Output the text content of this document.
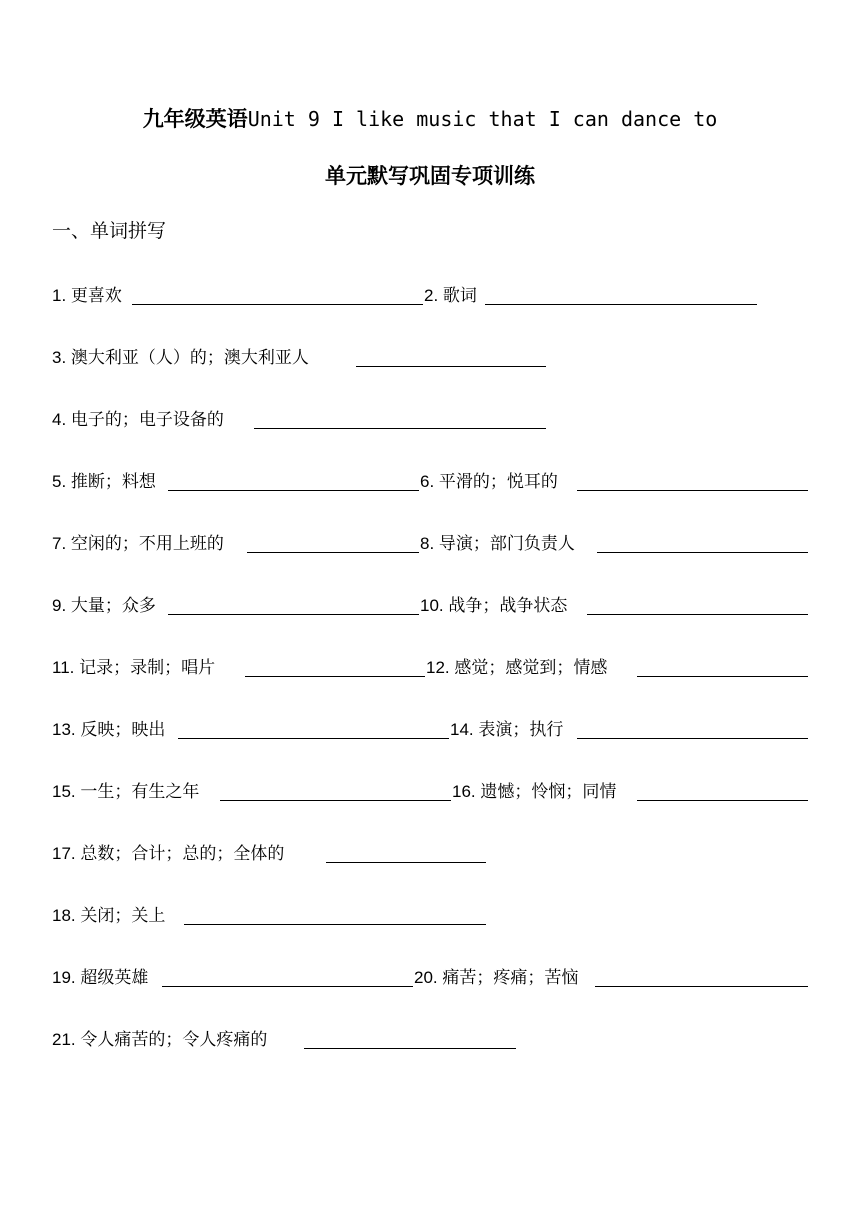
九年级英语Unit 9 I like music that I can dance to
单元默写巩固专项训练
一、单词拼写
1. 更喜欢	2. 歌词
3. 澳大利亚（人）的；澳大利亚人
4. 电子的；电子设备的
5. 推断；料想	6. 平滑的；悦耳的
7. 空闲的；不用上班的	8. 导演；部门负责人
9. 大量；众多	10. 战争；战争状态
11. 记录；录制；唱片	12. 感觉；感觉到；情感
13. 反映；映出	14. 表演；执行
15. 一生；有生之年	16. 遗憾；怜悯；同情
17. 总数；合计；总的；全体的
18. 关闭；关上
19. 超级英雄	20. 痛苦；疼痛；苦恼
21. 令人痛苦的；令人疼痛的
